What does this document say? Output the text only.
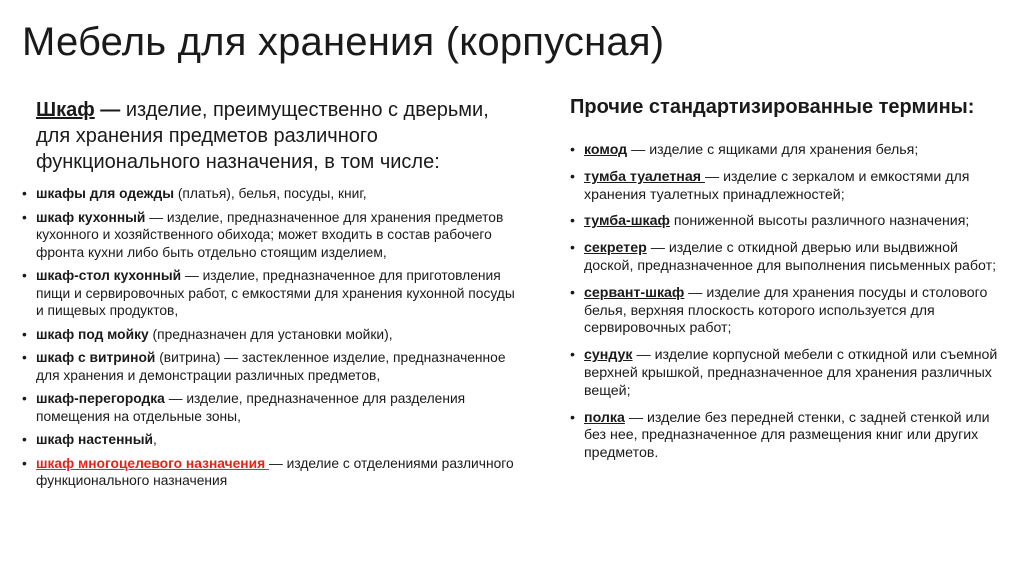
Мебель для хранения (корпусная)
Шкаф — изделие, преимущественно с дверьми, для хранения предметов различного функционального назначения, в том числе:
• шкафы для одежды (платья), белья, посуды, книг,
• шкаф кухонный — изделие, предназначенное для хранения предметов кухонного и хозяйственного обихода; может входить в состав рабочего фронта кухни либо быть отдельно стоящим изделием,
• шкаф-стол кухонный — изделие, предназначенное для приготовления пищи и сервировочных работ, с емкостями для хранения кухонной посуды и пищевых продуктов,
• шкаф под мойку (предназначен для установки мойки),
• шкаф с витриной (витрина) — застекленное изделие, предназначенное для хранения и демонстрации различных предметов,
• шкаф-перегородка — изделие, предназначенное для разделения помещения на отдельные зоны,
• шкаф настенный,
• шкаф многоцелевого назначения — изделие с отделениями различного функционального назначения
Прочие стандартизированные термины:
• комод — изделие с ящиками для хранения белья;
• тумба туалетная — изделие с зеркалом и емкостями для хранения туалетных принадлежностей;
• тумба-шкаф пониженной высоты различного назначения;
• секретер — изделие с откидной дверью или выдвижной доской, предназначенное для выполнения письменных работ;
• сервант-шкаф — изделие для хранения посуды и столового белья, верхняя плоскость которого используется для сервировочных работ;
• сундук — изделие корпусной мебели с откидной или съемной верхней крышкой, предназначенное для хранения различных вещей;
• полка — изделие без передней стенки, с задней стенкой или без нее, предназначенное для размещения книг или других предметов.
